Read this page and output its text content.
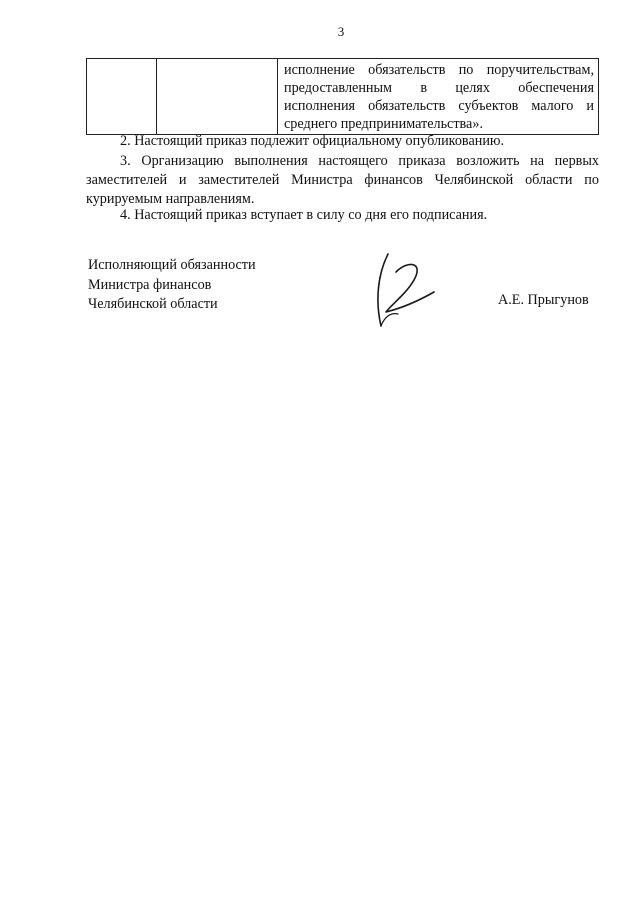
3

исполнение обязательств по поручительствам,
предоставленным в целях обеспечения
исполнения обязательств субъектов малого и
среднего предпринимательства».
2. Настоящий приказ подлежит официальному опубликованию.
3. Организацию выполнения настоящего приказа возложить на первых заместителей и заместителей Министра финансов Челябинской области по курируемым направлениям.
4. Настоящий приказ вступает в силу со дня его подписания.
Исполняющий обязанности
Министра финансов
Челябинской области	А.Е. Прыгунов
